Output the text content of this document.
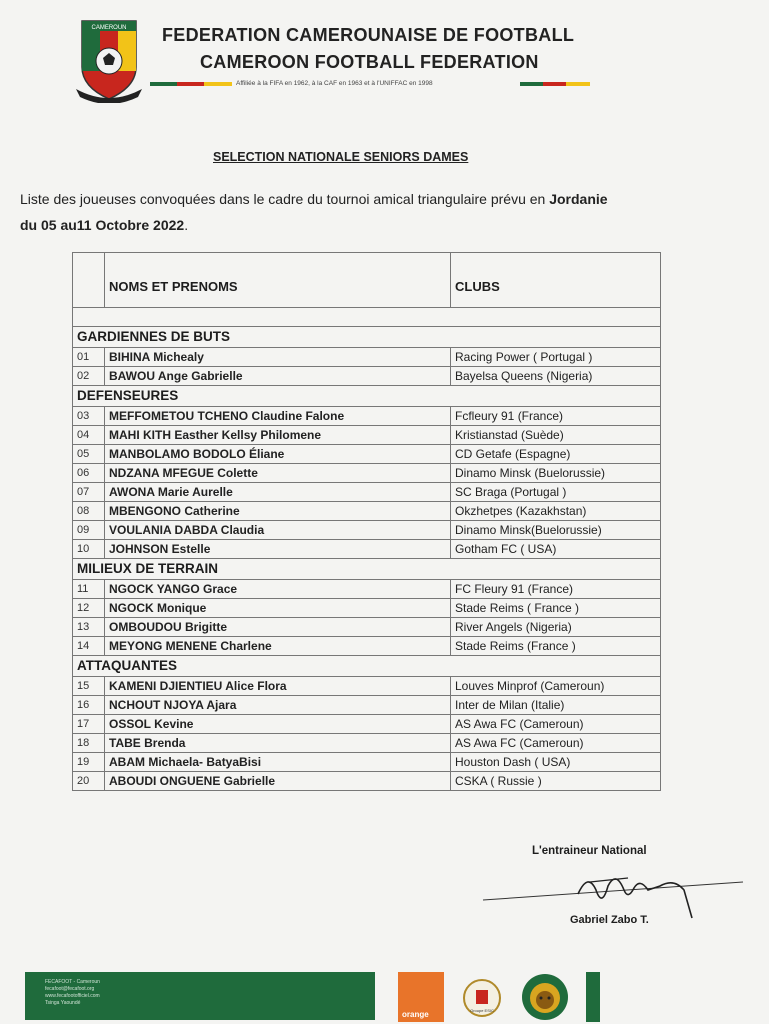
CAMEROUN FEDERATION CAMEROUNAISE DE FOOTBALL
CAMEROON FOOTBALL FEDERATION
Affiliée à la FIFA en 1962, à la CAF en 1963 et à l'UNIFFAC en 1998
SELECTION NATIONALE SENIORS DAMES
Liste des joueuses convoquées dans le cadre du tournoi amical triangulaire prévu en Jordanie
du 05 au11 Octobre 2022.
	NOMS ET PRENOMS	CLUBS

GARDIENNES DE BUTS		
01	BIHINA Michealy	Racing Power ( Portugal )
02	BAWOU Ange Gabrielle	Bayelsa Queens (Nigeria)
DEFENSEURES		
03	MEFFOMETOU TCHENO Claudine Falone	Fcfleury 91 (France)
04	MAHI KITH Easther Kellsy Philomene	Kristianstad (Suède)
05	MANBOLAMO BODOLO Éliane	CD Getafe (Espagne)
06	NDZANA MFEGUE Colette	Dinamo Minsk (Buelorussie)
07	AWONA Marie Aurelle	SC Braga (Portugal )
08	MBENGONO Catherine	Okzhetpes (Kazakhstan)
09	VOULANIA DABDA Claudia	Dinamo Minsk(Buelorussie)
10	JOHNSON Estelle	Gotham FC ( USA)
MILIEUX DE TERRAIN		
11	NGOCK YANGO Grace	FC Fleury 91 (France)
12	NGOCK Monique	Stade Reims ( France )
13	OMBOUDOU Brigitte	River Angels (Nigeria)
14	MEYONG MENENE Charlene	Stade Reims (France )
ATTAQUANTES		
15	KAMENI DJIENTIEU Alice Flora	Louves Minprof (Cameroun)
16	NCHOUT NJOYA Ajara	Inter de Milan (Italie)
17	OSSOL Kevine	AS Awa FC (Cameroun)
18	TABE Brenda	AS Awa FC (Cameroun)
19	ABAM Michaela- BatyaBisi	Houston Dash ( USA)
20	ABOUDI ONGUENE Gabrielle	CSKA ( Russie )
L'entraineur National
Gabriel Zabo T.
FECAFOOT - Cameroun
fecafoot@fecafoot.org
www.fecafootofficiel.com
Tsinga Yaoundé
orange	Groupe ESIC
